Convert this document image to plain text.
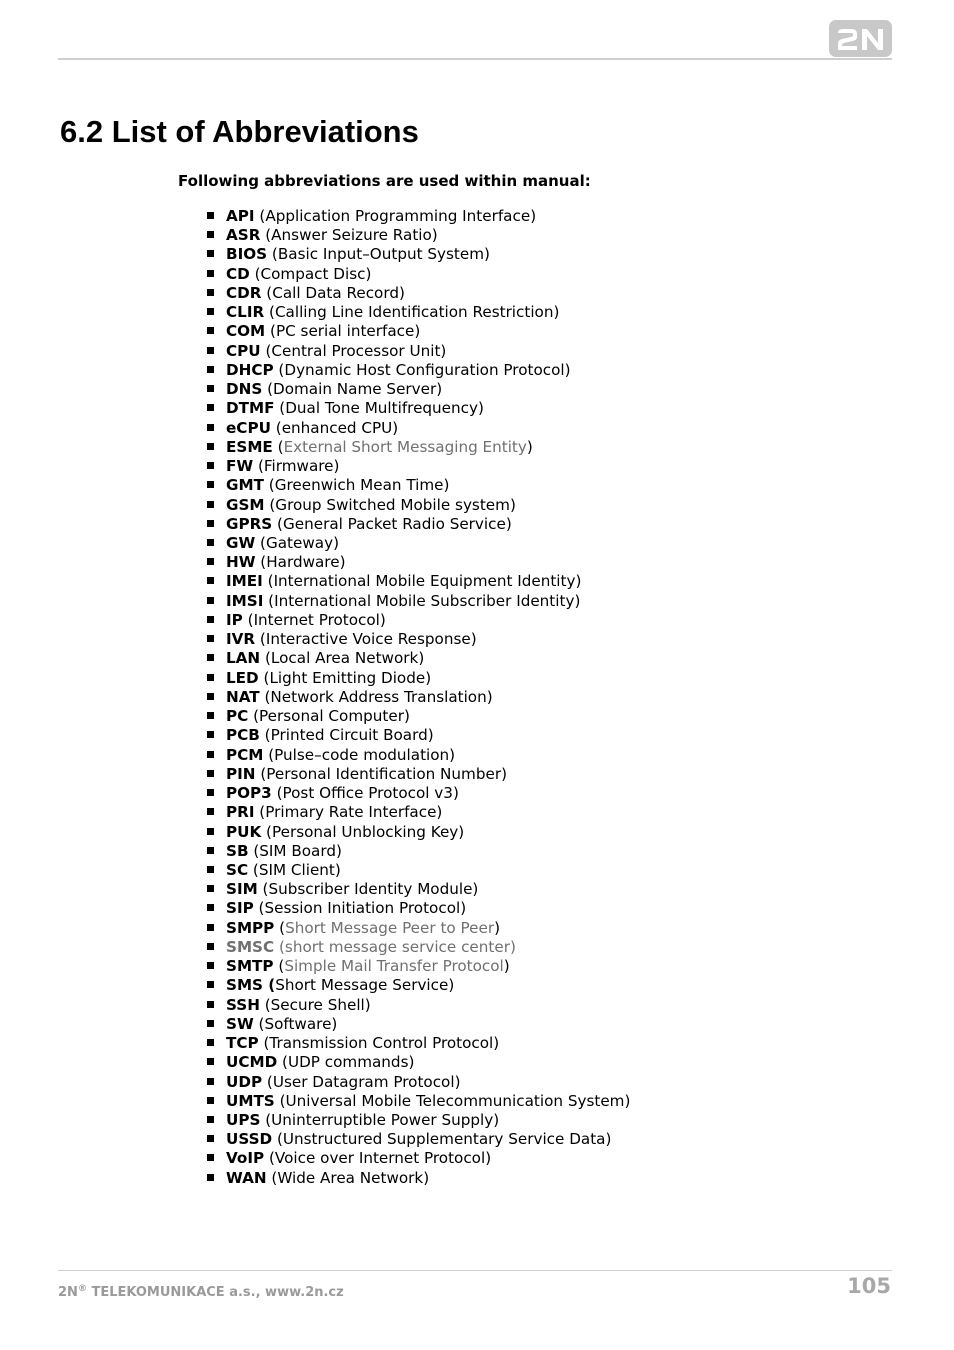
6.2 List of Abbreviations

Following abbreviations are used within manual:

API (Application Programming Interface)
ASR (Answer Seizure Ratio)
BIOS (Basic Input–Output System)
CD (Compact Disc)
CDR (Call Data Record)
CLIR (Calling Line Identification Restriction)
COM (PC serial interface)
CPU (Central Processor Unit)
DHCP (Dynamic Host Configuration Protocol)
DNS (Domain Name Server)
DTMF (Dual Tone Multifrequency)
eCPU (enhanced CPU)
ESME (External Short Messaging Entity)
FW (Firmware)
GMT (Greenwich Mean Time)
GSM (Group Switched Mobile system)
GPRS (General Packet Radio Service)
GW (Gateway)
HW (Hardware)
IMEI (International Mobile Equipment Identity)
IMSI (International Mobile Subscriber Identity)
IP (Internet Protocol)
IVR (Interactive Voice Response)
LAN (Local Area Network)
LED (Light Emitting Diode)
NAT (Network Address Translation)
PC (Personal Computer)
PCB (Printed Circuit Board)
PCM (Pulse–code modulation)
PIN (Personal Identification Number)
POP3 (Post Office Protocol v3)
PRI (Primary Rate Interface)
PUK (Personal Unblocking Key)
SB (SIM Board)
SC (SIM Client)
SIM (Subscriber Identity Module)
SIP (Session Initiation Protocol)
SMPP (Short Message Peer to Peer)
SMSC (short message service center)
SMTP (Simple Mail Transfer Protocol)
SMS (Short Message Service)
SSH (Secure Shell)
SW (Software)
TCP (Transmission Control Protocol)
UCMD (UDP commands)
UDP (User Datagram Protocol)
UMTS (Universal Mobile Telecommunication System)
UPS (Uninterruptible Power Supply)
USSD (Unstructured Supplementary Service Data)
VoIP (Voice over Internet Protocol)
WAN (Wide Area Network)
2N® TELEKOMUNIKACE a.s., www.2n.cz	105
